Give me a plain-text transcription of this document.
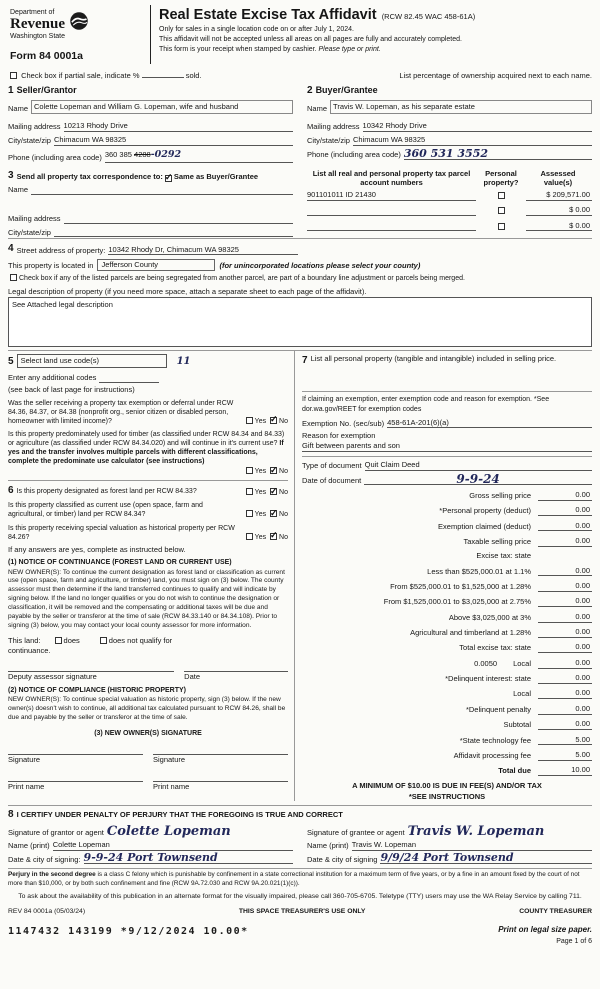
Department of
Revenue
Washington State
Form 84 0001a
Real Estate Excise Tax Affidavit (RCW 82.45 WAC 458-61A)
Only for sales in a single location code on or after July 1, 2024.
This affidavit will not be accepted unless all areas on all pages are fully and accurately completed.
This form is your receipt when stamped by cashier. Please type or print.
Check box if partial sale, indicate %	sold.	List percentage of ownership acquired next to each name.
1 Seller/Grantor
Name Colette Lopeman and William G. Lopeman, wife and husband
Mailing address 10213 Rhody Drive
City/state/zip Chimacum WA 98325
Phone (including area code) 360 385 4288-0292
2 Buyer/Grantee
Name Travis W. Lopeman, as his separate estate
Mailing address 10342 Rhody Drive
City/state/zip Chimacum WA 98325
Phone (including area code) 360 531 3552
3 Send all property tax correspondence to: ✓ Same as Buyer/Grantee
Name
Mailing address
City/state/zip
List all real and personal property tax parcel account numbers
Personal property?
Assessed value(s)
901101011 ID 21430	$ 209,571.00
$ 0.00
$ 0.00
4 Street address of property: 10342 Rhody Dr, Chimacum WA 98325
This property is located in	Jefferson County	(for unincorporated locations please select your county)
Check box if any of the listed parcels are being segregated from another parcel, are part of a boundary line adjustment or parcels being merged.
Legal description of property (if you need more space, attach a separate sheet to each page of the affidavit).
See Attached legal description
5 Select land use code(s)	11
Enter any additional codes
(see back of last page for instructions)
Was the seller receiving a property tax exemption or deferral under RCW 84.36, 84.37, or 84.38 (nonprofit org., senior citizen or disabled person, homeowner with limited income)?	Yes ✓ No
Is this property predominately used for timber (as classified under RCW 84.34 and 84.33) or agriculture (as classified under RCW 84.34.020) and will continue in it's current use? If yes and the transfer involves multiple parcels with different classifications, complete the predominate use calculator (see instructions)
Yes ✓ No
6 Is this property designated as forest land per RCW 84.33?	Yes ✓ No
Is this property classified as current use (open space, farm and agricultural, or timber) land per RCW 84.34?	Yes ✓ No
Is this property receiving special valuation as historical property per RCW 84.26?	Yes ✓ No
If any answers are yes, complete as instructed below.
(1) NOTICE OF CONTINUANCE (FOREST LAND OR CURRENT USE)
NEW OWNER(S): To continue the current designation as forest land or classification as current use (open space, farm and agriculture, or timber) land, you must sign on (3) below. The county assessor must then determine if the land transferred continues to qualify and will indicate by signing below. If the land no longer qualifies or you do not wish to continue the designation or classification, it will be removed and the compensating or additional taxes will be due and payable by the seller or transferor at the time of sale (RCW 84.33.140 or 84.34.108). Prior to signing (3) below, you may contact your local county assessor for more information.
This land:	does	does not qualify for
continuance.
Deputy assessor signature	Date
(2) NOTICE OF COMPLIANCE (HISTORIC PROPERTY)
NEW OWNER(S): To continue special valuation as historic property, sign (3) below. If the new owner(s) doesn't wish to continue, all additional tax calculated pursuant to RCW 84.26, shall be due and payable by the seller or transferor at the time of sale.
(3) NEW OWNER(S) SIGNATURE
Signature	Signature
Print name	Print name
7 List all personal property (tangible and intangible) included in selling price.
If claiming an exemption, enter exemption code and reason for exemption. *See dor.wa.gov/REET for exemption codes
Exemption No. (sec/sub) 458-61A-201(6)(a)
Reason for exemption
Gift between parents and son
Type of document Quit Claim Deed
Date of document	9-9-24
Gross selling price	0.00
*Personal property (deduct)	0.00
Exemption claimed (deduct)	0.00
Taxable selling price	0.00
Excise tax: state
Less than $525,000.01 at 1.1%	0.00
From $525,000.01 to $1,525,000 at 1.28%	0.00
From $1,525,000.01 to $3,025,000 at 2.75%	0.00
Above $3,025,000 at 3%	0.00
Agricultural and timberland at 1.28%	0.00
Total excise tax: state	0.00
0.0050 Local	0.00
*Delinquent interest: state	0.00
Local	0.00
*Delinquent penalty	0.00
Subtotal	0.00
*State technology fee	5.00
Affidavit processing fee	5.00
Total due	10.00
A MINIMUM OF $10.00 IS DUE IN FEE(S) AND/OR TAX
*SEE INSTRUCTIONS
8 I CERTIFY UNDER PENALTY OF PERJURY THAT THE FOREGOING IS TRUE AND CORRECT
Signature of grantor or agent Colette Lopeman
Name (print) Colette Lopeman
Date & city of signing: 9-9-24 Port Townsend
Signature of grantee or agent Travis W. Lopeman
Name (print) Travis W. Lopeman
Date & city of signing 9/9/24 Port Townsend
Perjury in the second degree is a class C felony which is punishable by confinement in a state correctional institution for a maximum term of five years, or by a fine in an amount fixed by the court of not more than $10,000, or by both such confinement and fine (RCW 9A.72.030 and RCW 9A.20.021(1)(c)).
To ask about the availability of this publication in an alternate format for the visually impaired, please call 360-705-6705. Teletype (TTY) users may use the WA Relay Service by calling 711.
REV 84 0001a (05/03/24)	THIS SPACE TREASURER'S USE ONLY	COUNTY TREASURER
1147432 143199 *9/12/2024 10.00*	Print on legal size paper.
Page 1 of 6
